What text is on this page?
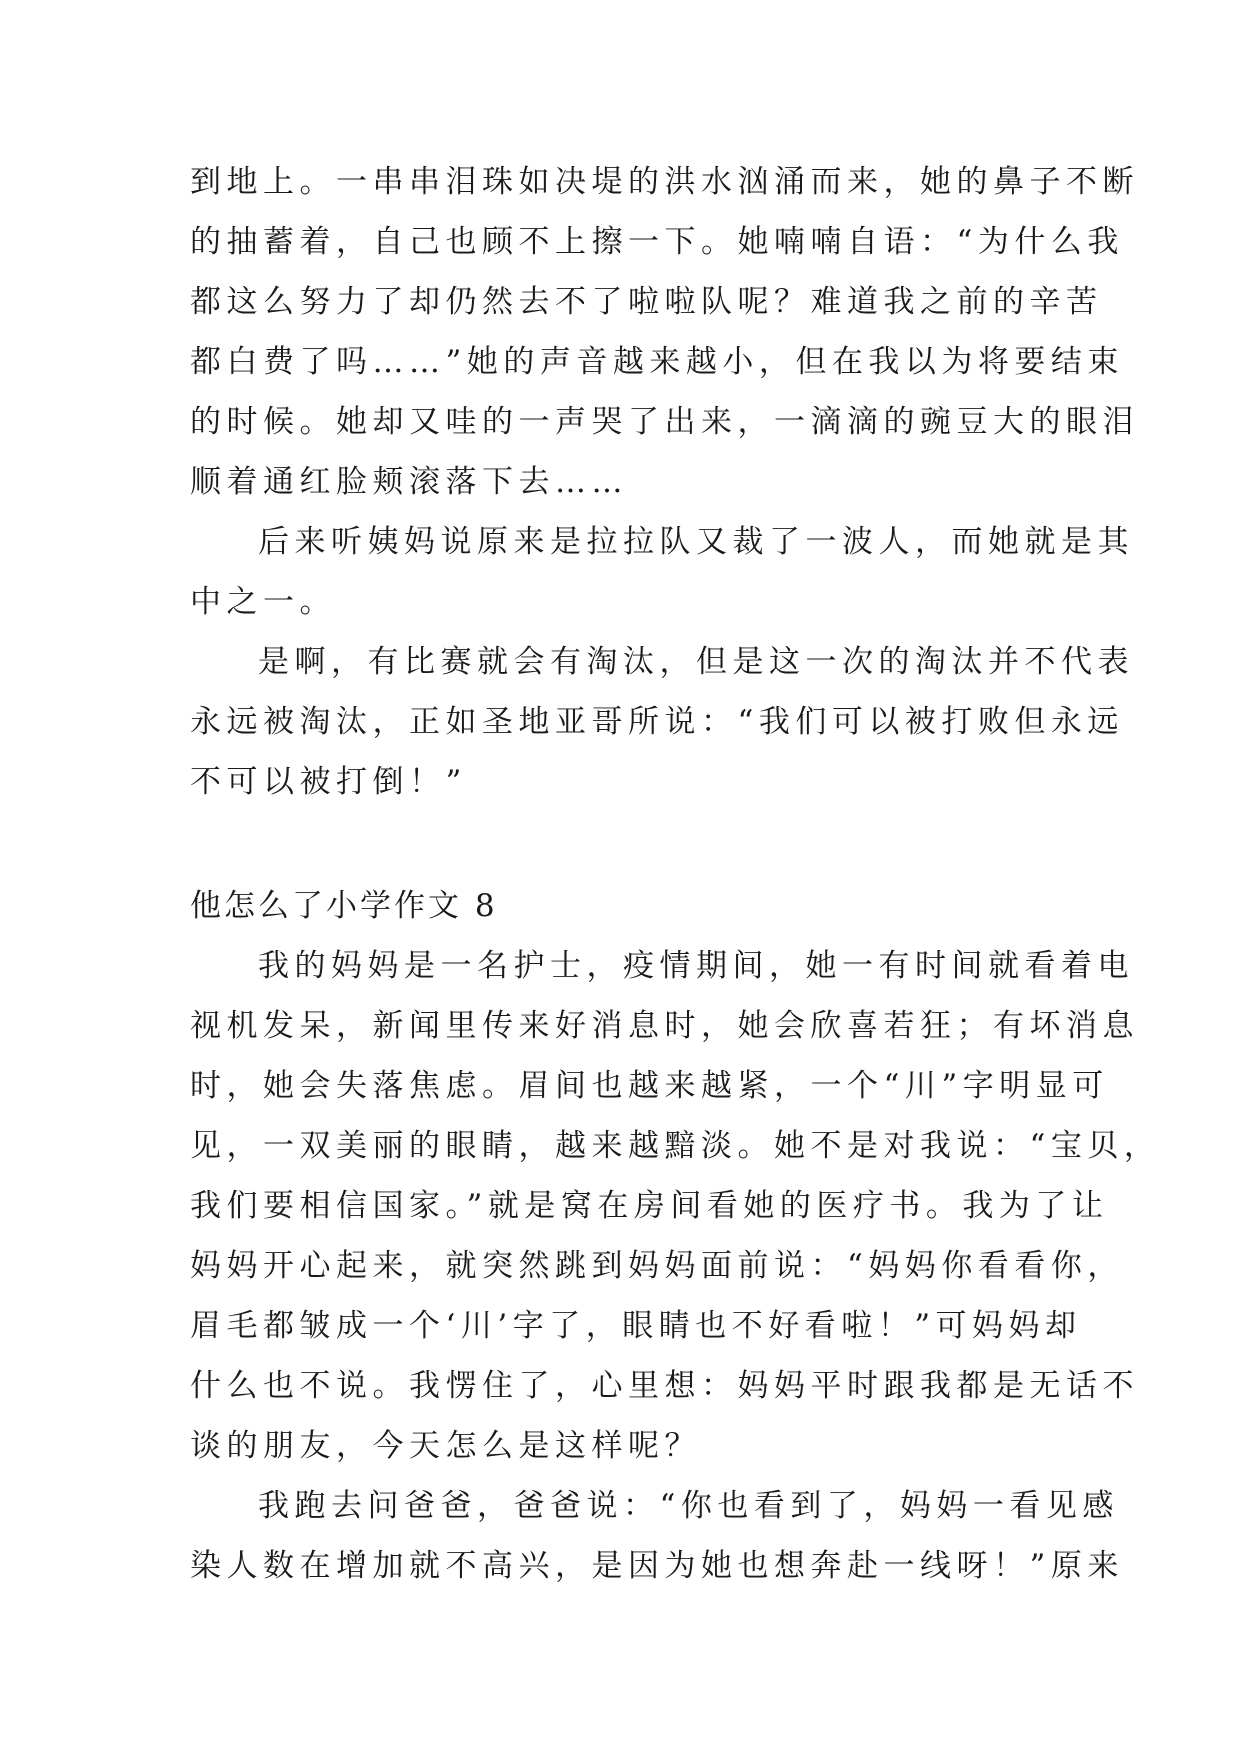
到地上。一串串泪珠如决堤的洪水汹涌而来，她的鼻子不断
的抽蓄着，自己也顾不上擦一下。她喃喃自语：“为什么我
都这么努力了却仍然去不了啦啦队呢？难道我之前的辛苦
都白费了吗……”她的声音越来越小，但在我以为将要结束
的时候。她却又哇的一声哭了出来，一滴滴的豌豆大的眼泪
顺着通红脸颊滚落下去……
后来听姨妈说原来是拉拉队又裁了一波人，而她就是其
中之一。
是啊，有比赛就会有淘汰，但是这一次的淘汰并不代表
永远被淘汰，正如圣地亚哥所说：“我们可以被打败但永远
不可以被打倒！”
他怎么了小学作文 8
我的妈妈是一名护士，疫情期间，她一有时间就看着电
视机发呆，新闻里传来好消息时，她会欣喜若狂；有坏消息
时，她会失落焦虑。眉间也越来越紧，一个“川”字明显可
见，一双美丽的眼睛，越来越黯淡。她不是对我说：“宝贝，
我们要相信国家。”就是窝在房间看她的医疗书。我为了让
妈妈开心起来，就突然跳到妈妈面前说：“妈妈你看看你，
眉毛都皱成一个‘川’字了，眼睛也不好看啦！”可妈妈却
什么也不说。我愣住了，心里想：妈妈平时跟我都是无话不
谈的朋友，今天怎么是这样呢？
我跑去问爸爸，爸爸说：“你也看到了，妈妈一看见感
染人数在增加就不高兴，是因为她也想奔赴一线呀！”原来
